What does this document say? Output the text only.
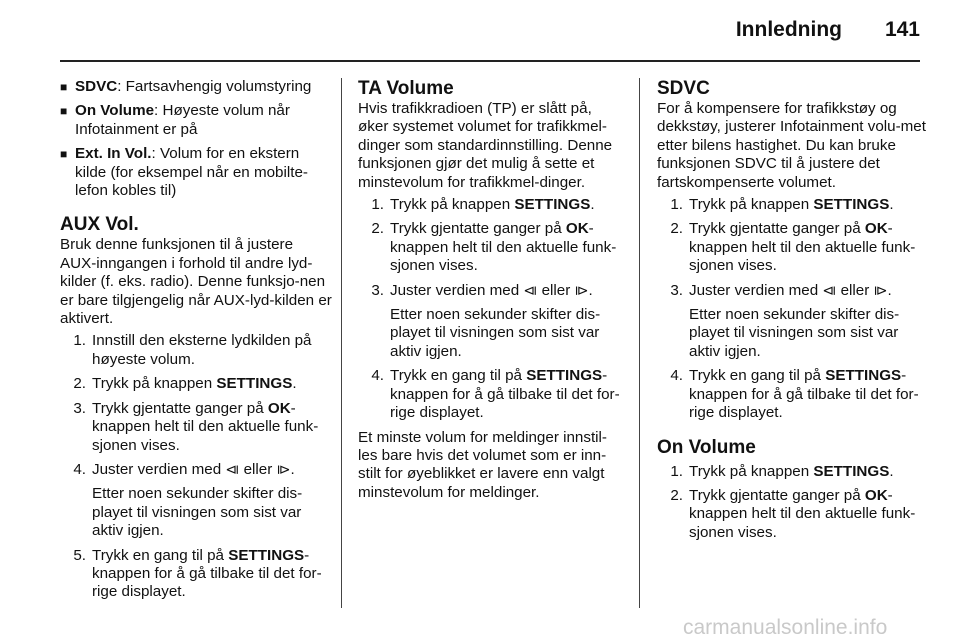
Innledning 141
■ SDVC: Fartsavhengig volumstyring
■ On Volume: Høyeste volum når Infotainment er på
■ Ext. In Vol.: Volum for en ekstern kilde (for eksempel når en mobilte-lefon kobles til)
AUX Vol.

Bruk denne funksjonen til å justere AUX-inngangen i forhold til andre lyd-kilder (f. eks. radio). Denne funksjo-nen er bare tilgjengelig når AUX-lyd-kilden er aktivert.

1. Innstill den eksterne lydkilden på høyeste volum.
2. Trykk på knappen SETTINGS.
3. Trykk gjentatte ganger på OK-knappen helt til den aktuelle funk-sjonen vises.
4. Juster verdien med ⧏ eller ⧐.
Etter noen sekunder skifter dis-playet til visningen som sist var aktiv igjen.
5. Trykk en gang til på SETTINGS-knappen for å gå tilbake til det for-rige displayet.
TA Volume

Hvis trafikkradioen (TP) er slått på, øker systemet volumet for trafikkmel-dinger som standardinnstilling. Denne funksjonen gjør det mulig å sette et minstevolum for trafikkmel-dinger.

1. Trykk på knappen SETTINGS.
2. Trykk gjentatte ganger på OK-knappen helt til den aktuelle funk-sjonen vises.
3. Juster verdien med ⧏ eller ⧐.
Etter noen sekunder skifter dis-playet til visningen som sist var aktiv igjen.
4. Trykk en gang til på SETTINGS-knappen for å gå tilbake til det for-rige displayet.

Et minste volum for meldinger innstil-les bare hvis det volumet som er inn-stilt for øyeblikket er lavere enn valgt minstevolum for meldinger.

SDVC

For å kompensere for trafikkstøy og dekkstøy, justerer Infotainment volu-met etter bilens hastighet. Du kan bruke funksjonen SDVC til å justere det fartskompenserte volumet.

1. Trykk på knappen SETTINGS.
2. Trykk gjentatte ganger på OK-knappen helt til den aktuelle funk-sjonen vises.
3. Juster verdien med ⧏ eller ⧐.
Etter noen sekunder skifter dis-playet til visningen som sist var aktiv igjen.
4. Trykk en gang til på SETTINGS-knappen for å gå tilbake til det for-rige displayet.
On Volume
1. Trykk på knappen SETTINGS.
2. Trykk gjentatte ganger på OK-knappen helt til den aktuelle funk-sjonen vises.
carmanualsonline.info
